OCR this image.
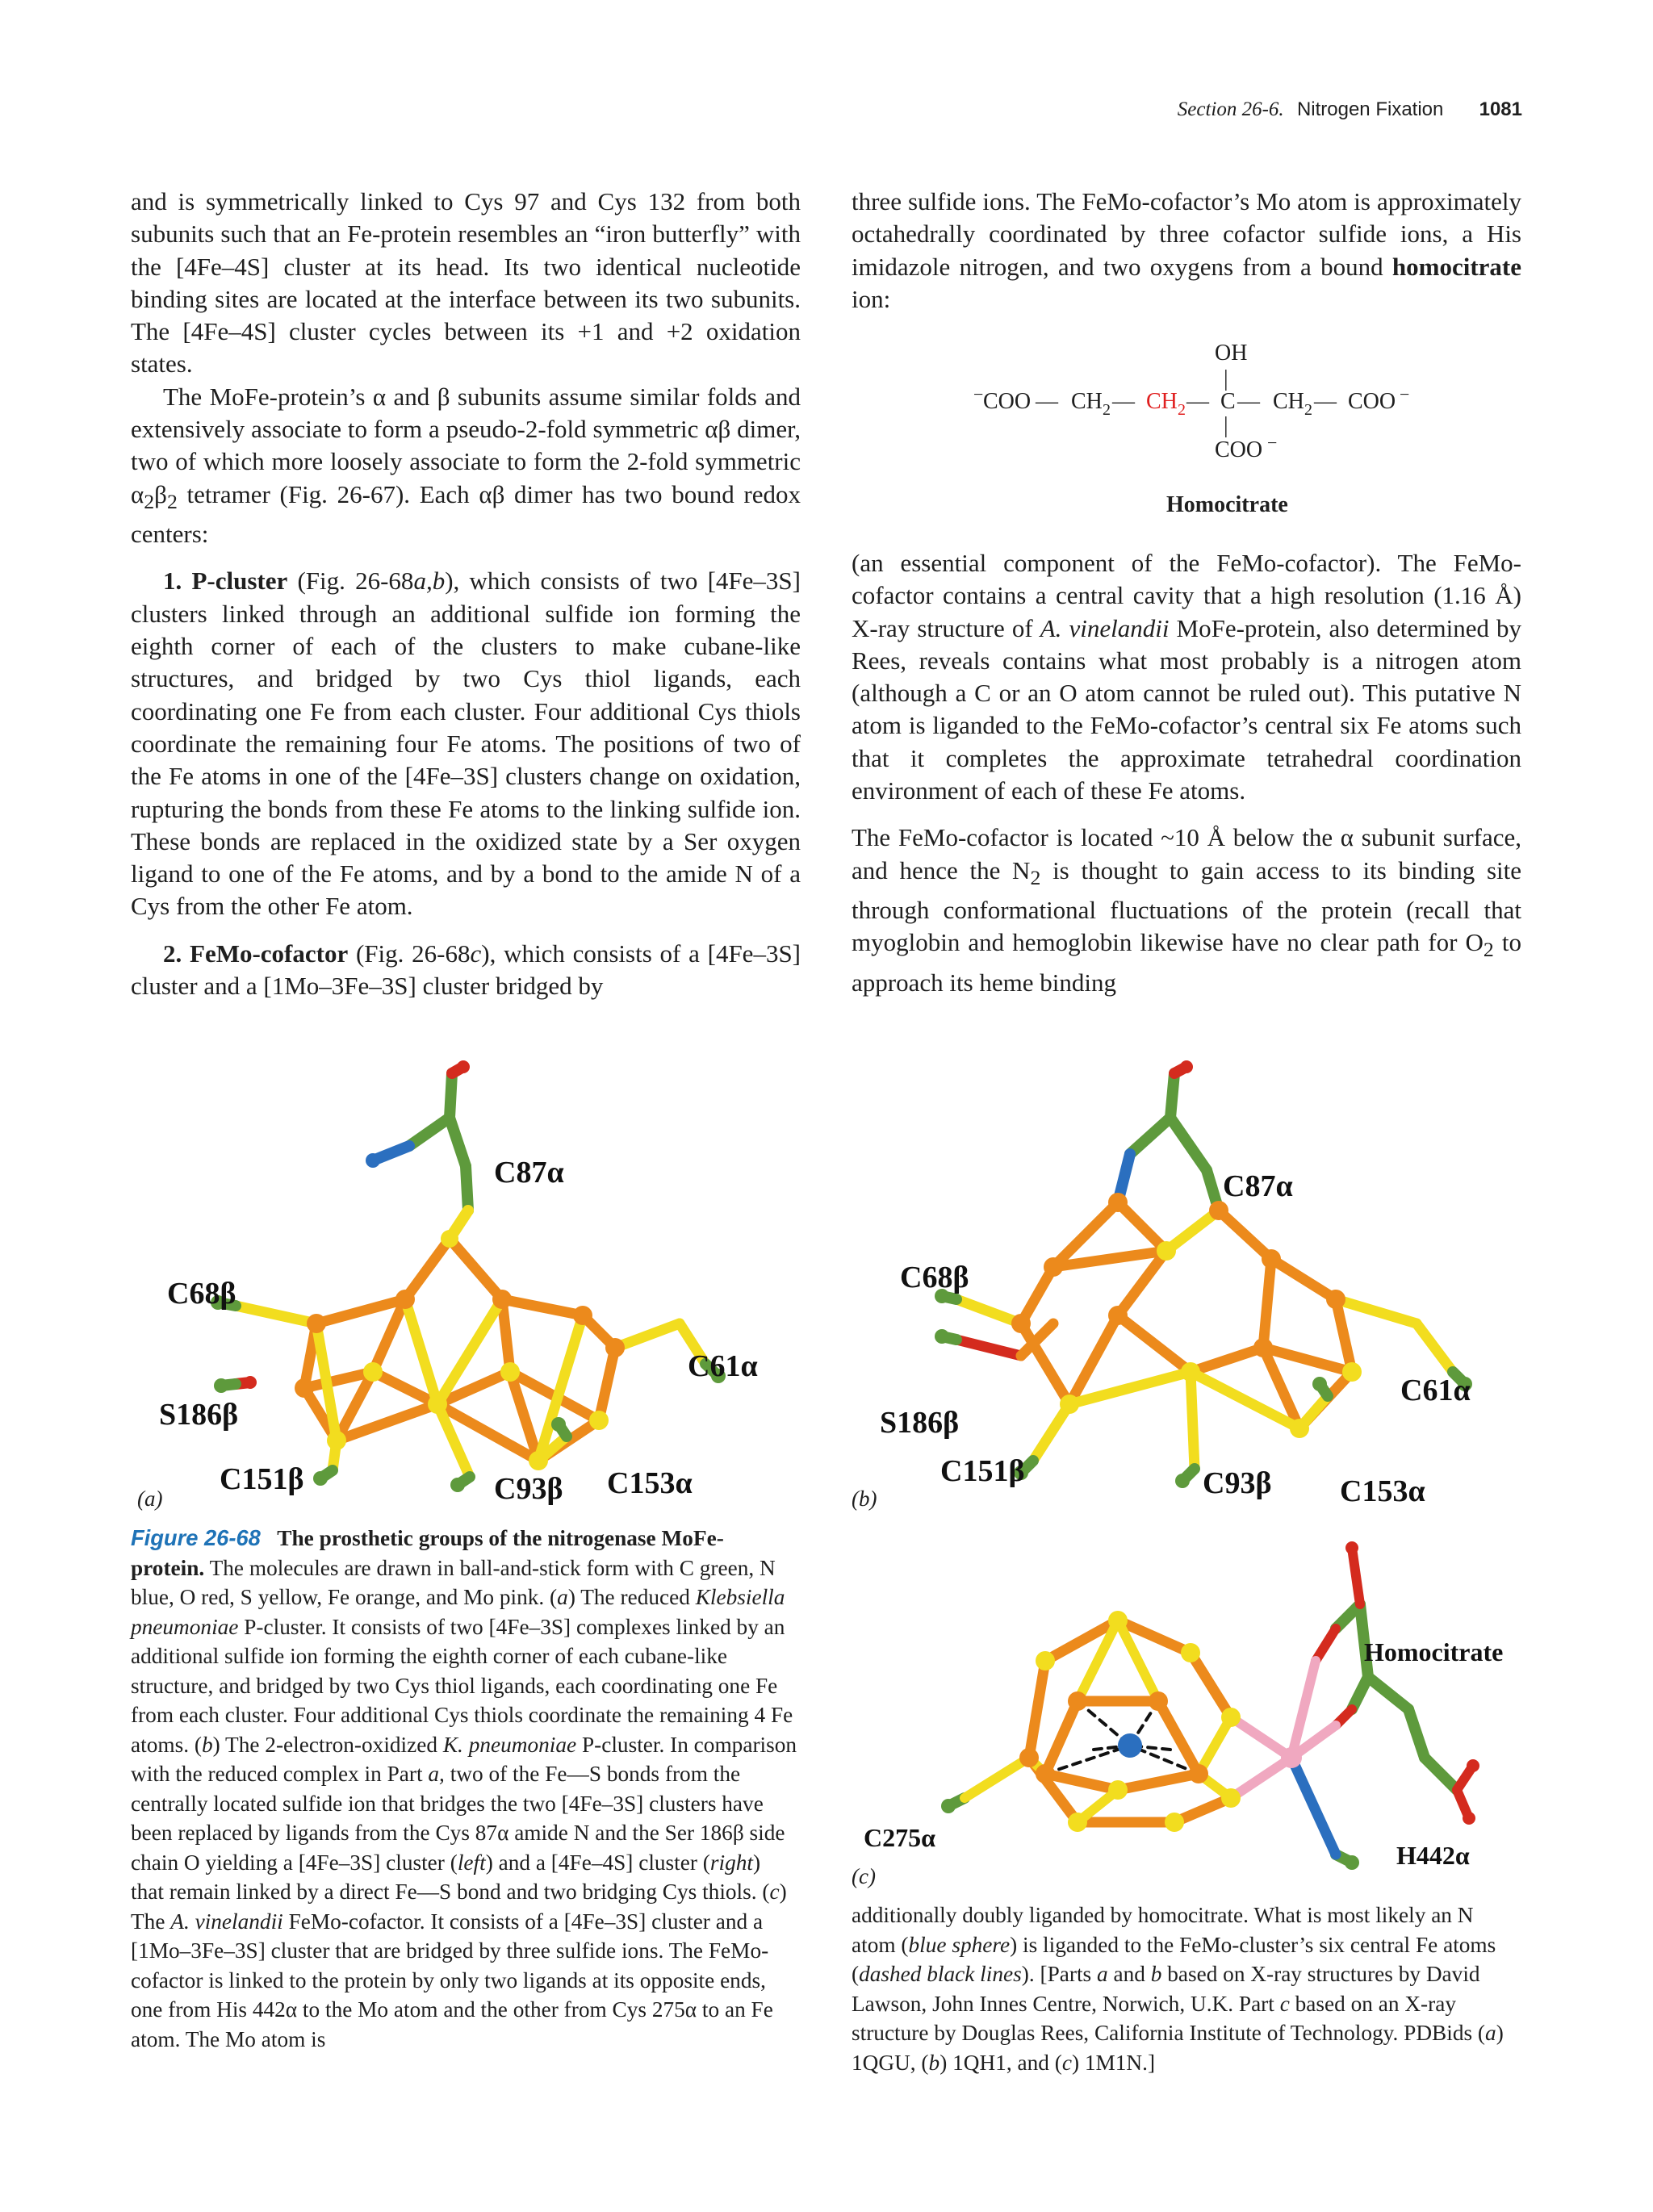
Section 26-6. Nitrogen Fixation 1081

and is symmetrically linked to Cys 97 and Cys 132 from both subunits such that an Fe-protein resembles an “iron butterfly” with the [4Fe–4S] cluster at its head. Its two identical nucleotide binding sites are located at the interface between its two subunits. The [4Fe–4S] cluster cycles between its +1 and +2 oxidation states.

The MoFe-protein’s α and β subunits assume similar folds and extensively associate to form a pseudo-2-fold symmetric αβ dimer, two of which more loosely associate to form the 2-fold symmetric $\alpha_2\beta_2$ tetramer (Fig. 26-67). Each αβ dimer has two bound redox centers:

1. P-cluster (Fig. 26-68a,b), which consists of two [4Fe–3S] clusters linked through an additional sulfide ion forming the eighth corner of each of the clusters to make cubane-like structures, and bridged by two Cys thiol ligands, each coordinating one Fe from each cluster. Four additional Cys thiols coordinate the remaining four Fe atoms. The positions of two of the Fe atoms in one of the [4Fe–3S] clusters change on oxidation, rupturing the bonds from these Fe atoms to the linking sulfide ion. These bonds are replaced in the oxidized state by a Ser oxygen ligand to one of the Fe atoms, and by a bond to the amide N of a Cys from the other Fe atom.

2. FeMo-cofactor (Fig. 26-68c), which consists of a [4Fe–3S] cluster and a [1Mo–3Fe–3S] cluster bridged by

three sulfide ions. The FeMo-cofactor’s Mo atom is approximately octahedrally coordinated by three cofactor sulfide ions, a His imidazole nitrogen, and two oxygens from a bound homocitrate ion:

OH
|
− COO — CH 2 — CH 2 — C — CH 2 — COO −
|
COO −
Homocitrate

(an essential component of the FeMo-cofactor). The FeMo-cofactor contains a central cavity that a high resolution (1.16 Å) X-ray structure of A. vinelandii MoFe-protein, also determined by Rees, reveals contains what most probably is a nitrogen atom (although a C or an O atom cannot be ruled out). This putative N atom is liganded to the FeMo-cofactor’s central six Fe atoms such that it completes the approximate tetrahedral coordination environment of each of these Fe atoms.

The FeMo-cofactor is located ~10 Å below the α subunit surface, and hence the $N_2$ is thought to gain access to its binding site through conformational fluctuations of the protein (recall that myoglobin and hemoglobin likewise have no clear path for $O_2$ to approach its heme binding

C87α
C68β
S186β
C61α
C151β	C93β C153α
(a)
C87α
C68β
S186β
C61α
C151β	C93β C153α
(b)
Homocitrate
C275α
H442α
(c)
Figure 26-68 The prosthetic groups of the nitrogenase MoFe-protein. The molecules are drawn in ball-and-stick form with C green, N blue, O red, S yellow, Fe orange, and Mo pink. (a) The reduced Klebsiella pneumoniae P-cluster. It consists of two [4Fe–3S] complexes linked by an additional sulfide ion forming the eighth corner of each cubane-like structure, and bridged by two Cys thiol ligands, each coordinating one Fe from each cluster. Four additional Cys thiols coordinate the remaining 4 Fe atoms. (b) The 2-electron-oxidized K. pneumoniae P-cluster. In comparison with the reduced complex in Part a, two of the Fe—S bonds from the centrally located sulfide ion that bridges the two [4Fe–3S] clusters have been replaced by ligands from the Cys 87α amide N and the Ser 186β side chain O yielding a [4Fe–3S] cluster (left) and a [4Fe–4S] cluster (right) that remain linked by a direct Fe—S bond and two bridging Cys thiols. (c) The A. vinelandii FeMo-cofactor. It consists of a [4Fe–3S] cluster and a [1Mo–3Fe–3S] cluster that are bridged by three sulfide ions. The FeMo-cofactor is linked to the protein by only two ligands at its opposite ends, one from His 442α to the Mo atom and the other from Cys 275α to an Fe atom. The Mo atom is
additionally doubly liganded by homocitrate. What is most likely an N atom (blue sphere) is liganded to the FeMo-cluster’s six central Fe atoms (dashed black lines). [Parts a and b based on X-ray structures by David Lawson, John Innes Centre, Norwich, U.K. Part c based on an X-ray structure by Douglas Rees, California Institute of Technology. PDBids (a) 1QGU, (b) 1QH1, and (c) 1M1N.]
